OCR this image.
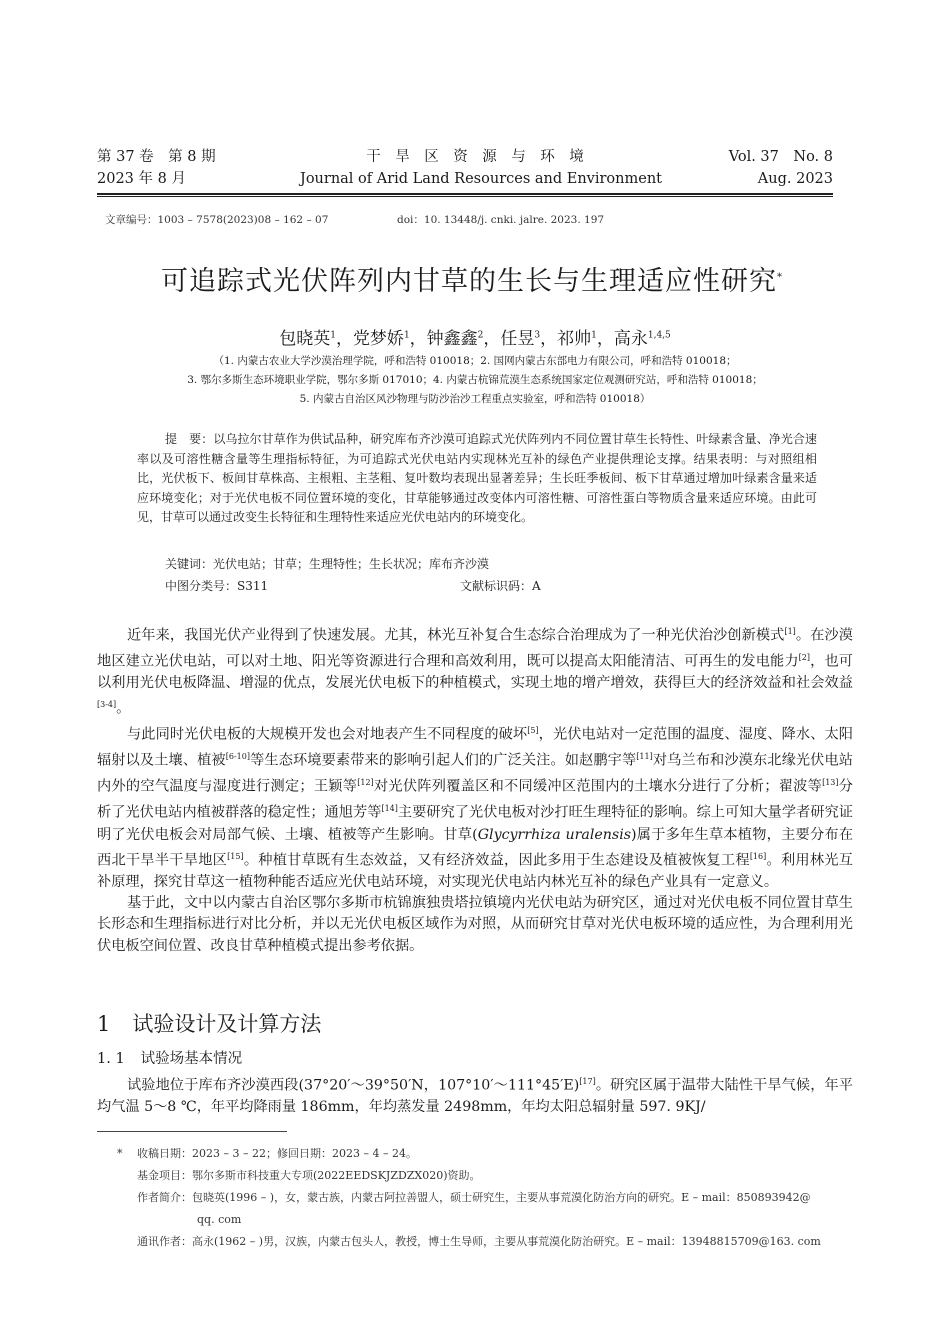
第 37 卷　第 8 期
2023 年 8 月
干　旱　区　资　源　与　环　境
Journal of Arid Land Resources and Environment
Vol. 37　No. 8
Aug. 2023
文章编号：1003 – 7578(2023)08 – 162 – 07	doi：10. 13448/j. cnki. jalre. 2023. 197
可追踪式光伏阵列内甘草的生长与生理适应性研究*
包晓英$^1$，党梦娇$^1$，钟鑫鑫$^2$，任昱$^3$，祁帅$^1$，高永$^{1,4,5}$
（1. 内蒙古农业大学沙漠治理学院，呼和浩特 010018；2. 国网内蒙古东部电力有限公司，呼和浩特 010018；
3. 鄂尔多斯生态环境职业学院，鄂尔多斯 017010；4. 内蒙古杭锦荒漠生态系统国家定位观测研究站，呼和浩特 010018；
5. 内蒙古自治区风沙物理与防沙治沙工程重点实验室，呼和浩特 010018）

提　要：以乌拉尔甘草作为供试品种，研究库布齐沙漠可追踪式光伏阵列内不同位置甘草生长特性、叶绿素含量、净光合速率以及可溶性糖含量等生理指标特征，为可追踪式光伏电站内实现林光互补的绿色产业提供理论支撑。结果表明：与对照组相比，光伏板下、板间甘草株高、主根粗、主茎粗、复叶数均表现出显著差异；生长旺季板间、板下甘草通过增加叶绿素含量来适应环境变化；对于光伏电板不同位置环境的变化，甘草能够通过改变体内可溶性糖、可溶性蛋白等物质含量来适应环境。由此可见，甘草可以通过改变生长特征和生理特性来适应光伏电站内的环境变化。

关键词：光伏电站；甘草；生理特性；生长状况；库布齐沙漠
中图分类号：S311	文献标识码：A

近年来，我国光伏产业得到了快速发展。尤其，林光互补复合生态综合治理成为了一种光伏治沙创新模式[1]。在沙漠地区建立光伏电站，可以对土地、阳光等资源进行合理和高效利用，既可以提高太阳能清洁、可再生的发电能力[2]，也可以利用光伏电板降温、增湿的优点，发展光伏电板下的种植模式，实现土地的增产增效，获得巨大的经济效益和社会效益[3-4]。

与此同时光伏电板的大规模开发也会对地表产生不同程度的破坏[5]，光伏电站对一定范围的温度、湿度、降水、太阳辐射以及土壤、植被[6-10]等生态环境要素带来的影响引起人们的广泛关注。如赵鹏宇等[11]对乌兰布和沙漠东北缘光伏电站内外的空气温度与湿度进行测定；王颖等[12]对光伏阵列覆盖区和不同缓冲区范围内的土壤水分进行了分析；翟波等[13]分析了光伏电站内植被群落的稳定性；通旭芳等[14]主要研究了光伏电板对沙打旺生理特征的影响。综上可知大量学者研究证明了光伏电板会对局部气候、土壤、植被等产生影响。甘草(Glycyrrhiza uralensis)属于多年生草本植物，主要分布在西北干旱半干旱地区[15]。种植甘草既有生态效益，又有经济效益，因此多用于生态建设及植被恢复工程[16]。利用林光互补原理，探究甘草这一植物种能否适应光伏电站环境，对实现光伏电站内林光互补的绿色产业具有一定意义。

基于此，文中以内蒙古自治区鄂尔多斯市杭锦旗独贵塔拉镇境内光伏电站为研究区，通过对光伏电板不同位置甘草生长形态和生理指标进行对比分析，并以无光伏电板区域作为对照，从而研究甘草对光伏电板环境的适应性，为合理利用光伏电板空间位置、改良甘草种植模式提出参考依据。

1 试验设计及计算方法
1. 1 试验场基本情况

试验地位于库布齐沙漠西段(37°20′～39°50′N，107°10′～111°45′E)[17]。研究区属于温带大陆性干旱气候，年平均气温 5～8 ℃，年平均降雨量 186mm，年均蒸发量 2498mm，年均太阳总辐射量 597. 9KJ/

* 收稿日期：2023 – 3 – 22；修回日期：2023 – 4 – 24。
基金项目：鄂尔多斯市科技重大专项(2022EEDSKJZDZX020)资助。
作者简介：包晓英(1996 – )，女，蒙古族，内蒙古阿拉善盟人，硕士研究生，主要从事荒漠化防治方向的研究。E – mail：850893942@
qq. com
通讯作者：高永(1962 – )男，汉族，内蒙古包头人，教授，博士生导师，主要从事荒漠化防治研究。E – mail：13948815709@163. com
